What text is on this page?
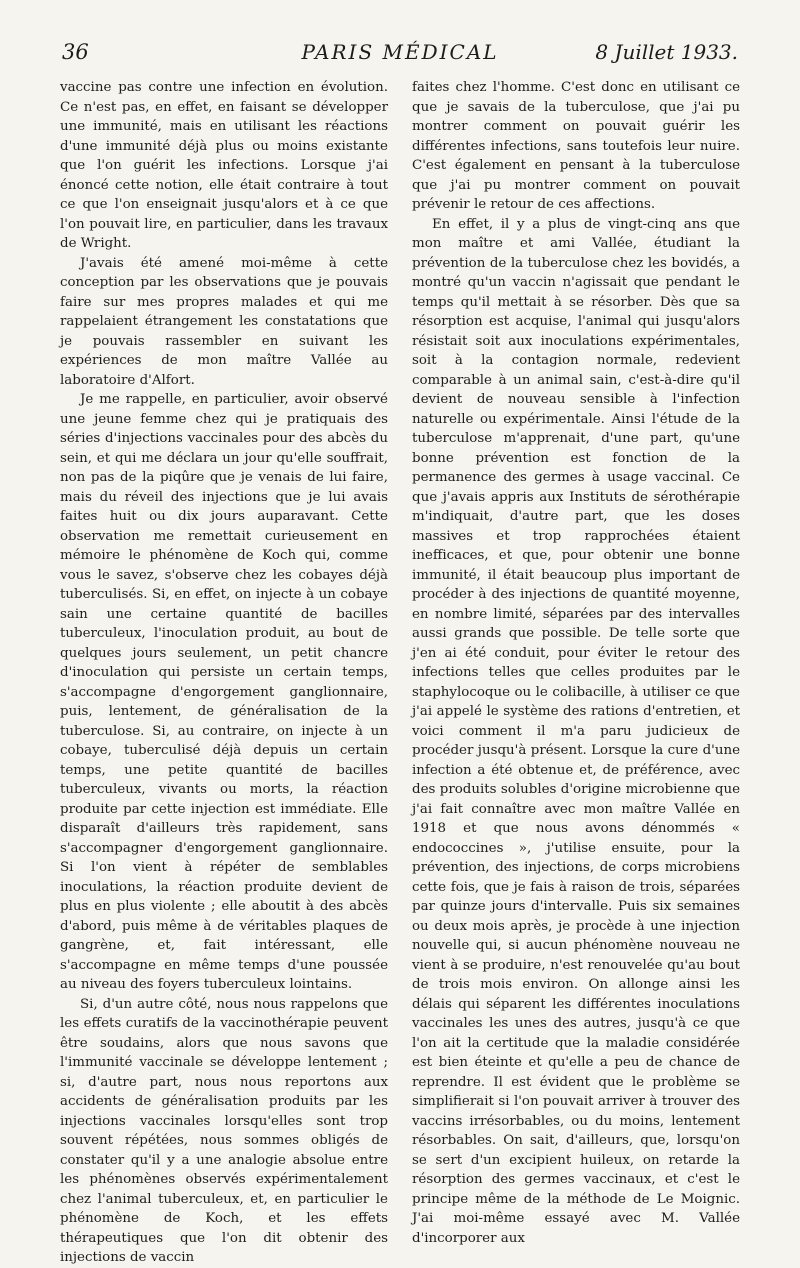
36	PARIS MÉDICAL	8 Juillet 1933.

vaccine pas contre une infection en évolution. Ce n'est pas, en effet, en faisant se développer une immunité, mais en utilisant les réactions d'une immunité déjà plus ou moins existante que l'on guérit les infections. Lorsque j'ai énoncé cette notion, elle était contraire à tout ce que l'on enseignait jusqu'alors et à ce que l'on pouvait lire, en particulier, dans les travaux de Wright.

J'avais été amené moi-même à cette conception par les observations que je pouvais faire sur mes propres malades et qui me rappelaient étrangement les constatations que je pouvais rassembler en suivant les expériences de mon maître Vallée au laboratoire d'Alfort.

Je me rappelle, en particulier, avoir observé une jeune femme chez qui je pratiquais des séries d'injections vaccinales pour des abcès du sein, et qui me déclara un jour qu'elle souffrait, non pas de la piqûre que je venais de lui faire, mais du réveil des injections que je lui avais faites huit ou dix jours auparavant. Cette observation me remettait curieusement en mémoire le phénomène de Koch qui, comme vous le savez, s'observe chez les cobayes déjà tuberculisés. Si, en effet, on injecte à un cobaye sain une certaine quantité de bacilles tuberculeux, l'inoculation produit, au bout de quelques jours seulement, un petit chancre d'inoculation qui persiste un certain temps, s'accompagne d'engorgement ganglionnaire, puis, lentement, de généralisation de la tuberculose. Si, au contraire, on injecte à un cobaye, tuberculisé déjà depuis un certain temps, une petite quantité de bacilles tuberculeux, vivants ou morts, la réaction produite par cette injection est immédiate. Elle disparaît d'ailleurs très rapidement, sans s'accompagner d'engorgement ganglionnaire. Si l'on vient à répéter de semblables inoculations, la réaction produite devient de plus en plus violente ; elle aboutit à des abcès d'abord, puis même à de véritables plaques de gangrène, et, fait intéressant, elle s'accompagne en même temps d'une poussée au niveau des foyers tuberculeux lointains.

Si, d'un autre côté, nous nous rappelons que les effets curatifs de la vaccinothérapie peuvent être soudains, alors que nous savons que l'immunité vaccinale se développe lentement ; si, d'autre part, nous nous reportons aux accidents de généralisation produits par les injections vaccinales lorsqu'elles sont trop souvent répétées, nous sommes obligés de constater qu'il y a une analogie absolue entre les phénomènes observés expérimentalement chez l'animal tuberculeux, et, en particulier le phénomène de Koch, et les effets thérapeutiques que l'on dit obtenir des injections de vaccin

faites chez l'homme. C'est donc en utilisant ce que je savais de la tuberculose, que j'ai pu montrer comment on pouvait guérir les différentes infections, sans toutefois leur nuire. C'est également en pensant à la tuberculose que j'ai pu montrer comment on pouvait prévenir le retour de ces affections.

En effet, il y a plus de vingt-cinq ans que mon maître et ami Vallée, étudiant la prévention de la tuberculose chez les bovidés, a montré qu'un vaccin n'agissait que pendant le temps qu'il mettait à se résorber. Dès que sa résorption est acquise, l'animal qui jusqu'alors résistait soit aux inoculations expérimentales, soit à la contagion normale, redevient comparable à un animal sain, c'est-à-dire qu'il devient de nouveau sensible à l'infection naturelle ou expérimentale. Ainsi l'étude de la tuberculose m'apprenait, d'une part, qu'une bonne prévention est fonction de la permanence des germes à usage vaccinal. Ce que j'avais appris aux Instituts de sérothérapie m'indiquait, d'autre part, que les doses massives et trop rapprochées étaient inefficaces, et que, pour obtenir une bonne immunité, il était beaucoup plus important de procéder à des injections de quantité moyenne, en nombre limité, séparées par des intervalles aussi grands que possible. De telle sorte que j'en ai été conduit, pour éviter le retour des infections telles que celles produites par le staphylocoque ou le colibacille, à utiliser ce que j'ai appelé le système des rations d'entretien, et voici comment il m'a paru judicieux de procéder jusqu'à présent. Lorsque la cure d'une infection a été obtenue et, de préférence, avec des produits solubles d'origine microbienne que j'ai fait connaître avec mon maître Vallée en 1918 et que nous avons dénommés « endococcines », j'utilise ensuite, pour la prévention, des injections, de corps microbiens cette fois, que je fais à raison de trois, séparées par quinze jours d'intervalle. Puis six semaines ou deux mois après, je procède à une injection nouvelle qui, si aucun phénomène nouveau ne vient à se produire, n'est renouvelée qu'au bout de trois mois environ. On allonge ainsi les délais qui séparent les différentes inoculations vaccinales les unes des autres, jusqu'à ce que l'on ait la certitude que la maladie considérée est bien éteinte et qu'elle a peu de chance de reprendre. Il est évident que le problème se simplifierait si l'on pouvait arriver à trouver des vaccins irrésorbables, ou du moins, lentement résorbables. On sait, d'ailleurs, que, lorsqu'on se sert d'un excipient huileux, on retarde la résorption des germes vaccinaux, et c'est le principe même de la méthode de Le Moignic. J'ai moi-même essayé avec M. Vallée d'incorporer aux
